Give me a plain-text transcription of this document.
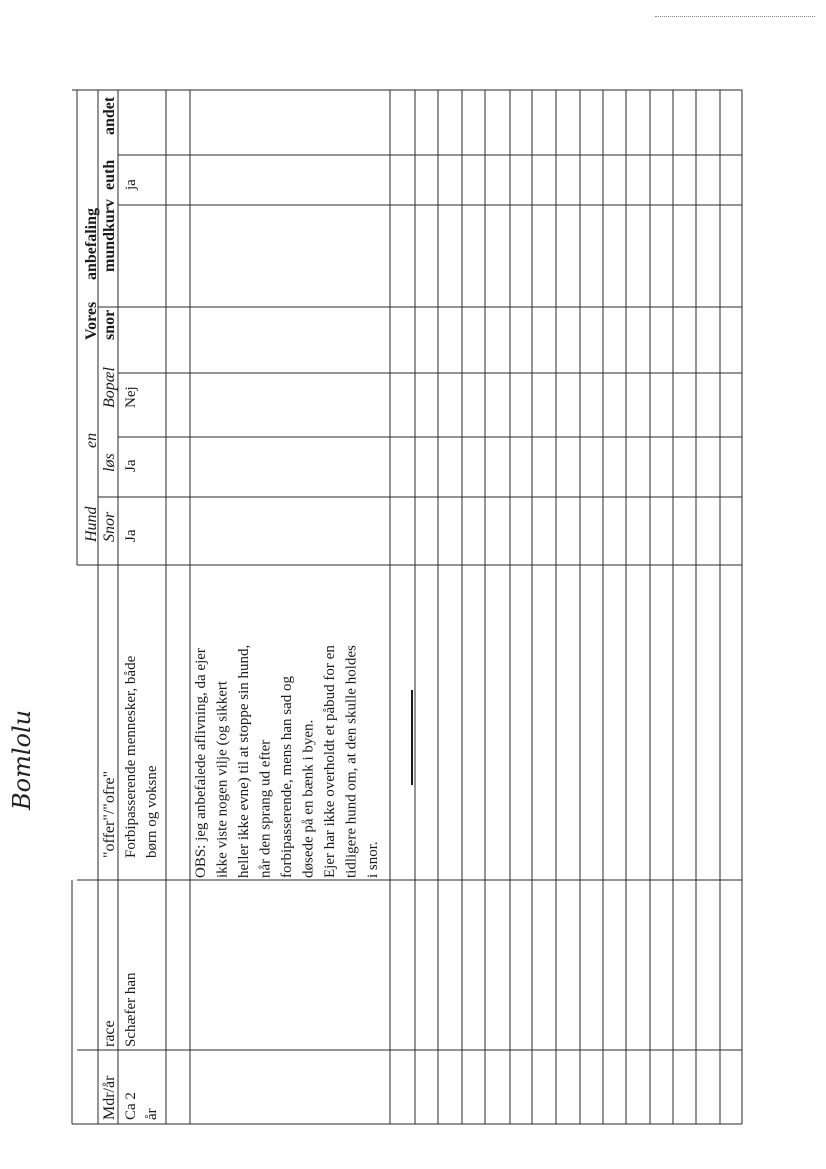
Bomlolu
Mdr/år
race
"offer"/"ofre"
Snor
løs
Bopæl
snor
mundkurv
euth
andet
Hund
en
Vores
anbefaling
Ca 2
Schæfer han
Forbipasserende mennesker, både
Ja
Ja
Nej
ja
år
børn og voksne OBS: jeg anbefalede aflivning, da ejer ikke viste nogen vilje (og sikkert heller ikke evne) til at stoppe sin hund, når den sprang ud efter forbipasserende, mens han sad og døsede på en bænk i byen. Ejer har ikke overholdt et påbud for en tidligere hund om, at den skulle holdes i snor.
